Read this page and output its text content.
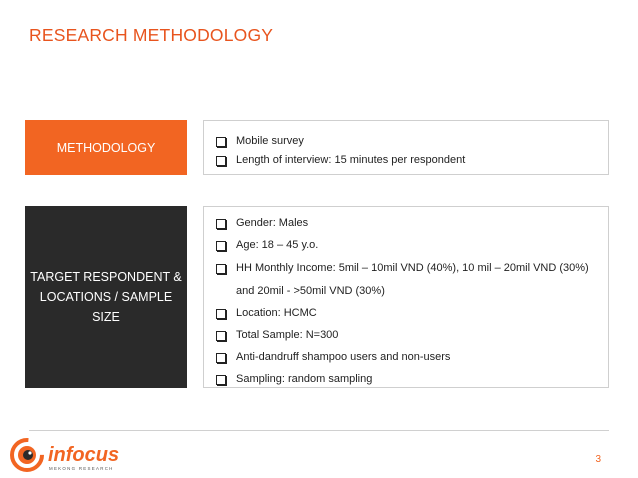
RESEARCH METHODOLOGY
METHODOLOGY	Mobile survey
Length of interview: 15 minutes per respondent
TARGET RESPONDENT &
LOCATIONS / SAMPLE SIZE
Gender: Males
Age: 18 – 45 y.o.
HH Monthly Income: 5mil – 10mil VND (40%), 10 mil – 20mil VND (30%)
and 20mil - >50mil VND (30%)
Location: HCMC
Total Sample: N=300
Anti-dandruff shampoo users and non-users
Sampling: random sampling
infocus
MEKONG RESEARCH
3
